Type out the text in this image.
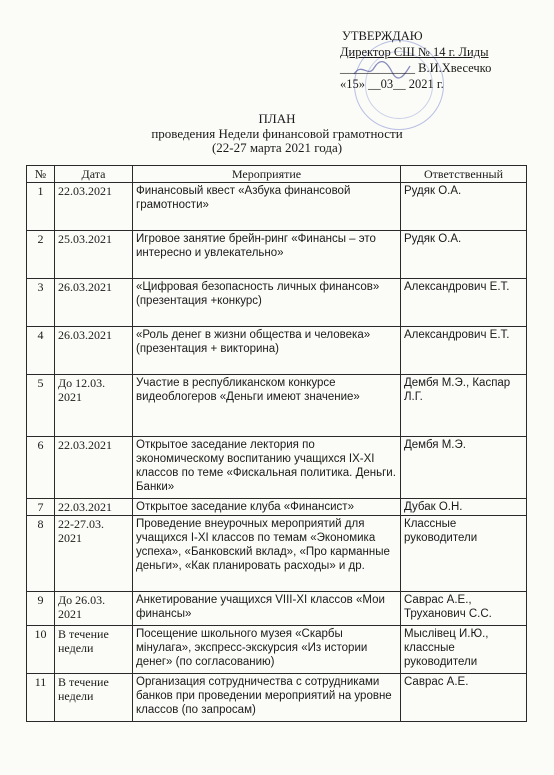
УТВЕРЖДАЮ
Директор СШ № 14 г. Лиды
____________ В.И.Хвесечко
«15» __03__ 2021 г.
ПЛАН
проведения Недели финансовой грамотности
(22-27 марта 2021 года)
№	Дата	Мероприятие	Ответственный
1	22.03.2021	Финансовый квест «Азбука финансовой грамотности»	Рудяк О.А.
2	25.03.2021	Игровое занятие брейн-ринг «Финансы – это интересно и увлекательно»	Рудяк О.А.
3	26.03.2021	«Цифровая безопасность личных финансов» (презентация +конкурс)	Александрович Е.Т.
4	26.03.2021	«Роль денег в жизни общества и человека» (презентация + викторина)	Александрович Е.Т.
5	До 12.03. 2021	Участие в республиканском конкурсе видеоблогеров «Деньги имеют значение»	Дембя М.Э., Каспар Л.Г.
6	22.03.2021	Открытое заседание лектория по экономическому воспитанию учащихся IX-XI классов по теме «Фискальная политика. Деньги. Банки»	Дембя М.Э.
7	22.03.2021	Открытое заседание клуба «Финансист»	Дубак О.Н.
8	22-27.03. 2021	Проведение внеурочных мероприятий для учащихся I-XI классов по темам «Экономика успеха», «Банковский вклад», «Про карманные деньги», «Как планировать расходы» и др.	Классные руководители
9	До 26.03. 2021	Анкетирование учащихся VIII-XI классов «Мои финансы»	Саврас А.Е., Труханович С.С.
10	В течение недели	Посещение школьного музея «Скарбы мінулага», экспресс-экскурсия «Из истории денег» (по согласованию)	Мыслівец И.Ю., классные руководители
11	В течение недели	Организация сотрудничества с сотрудниками банков при проведении мероприятий на уровне классов (по запросам)	Саврас А.Е.
